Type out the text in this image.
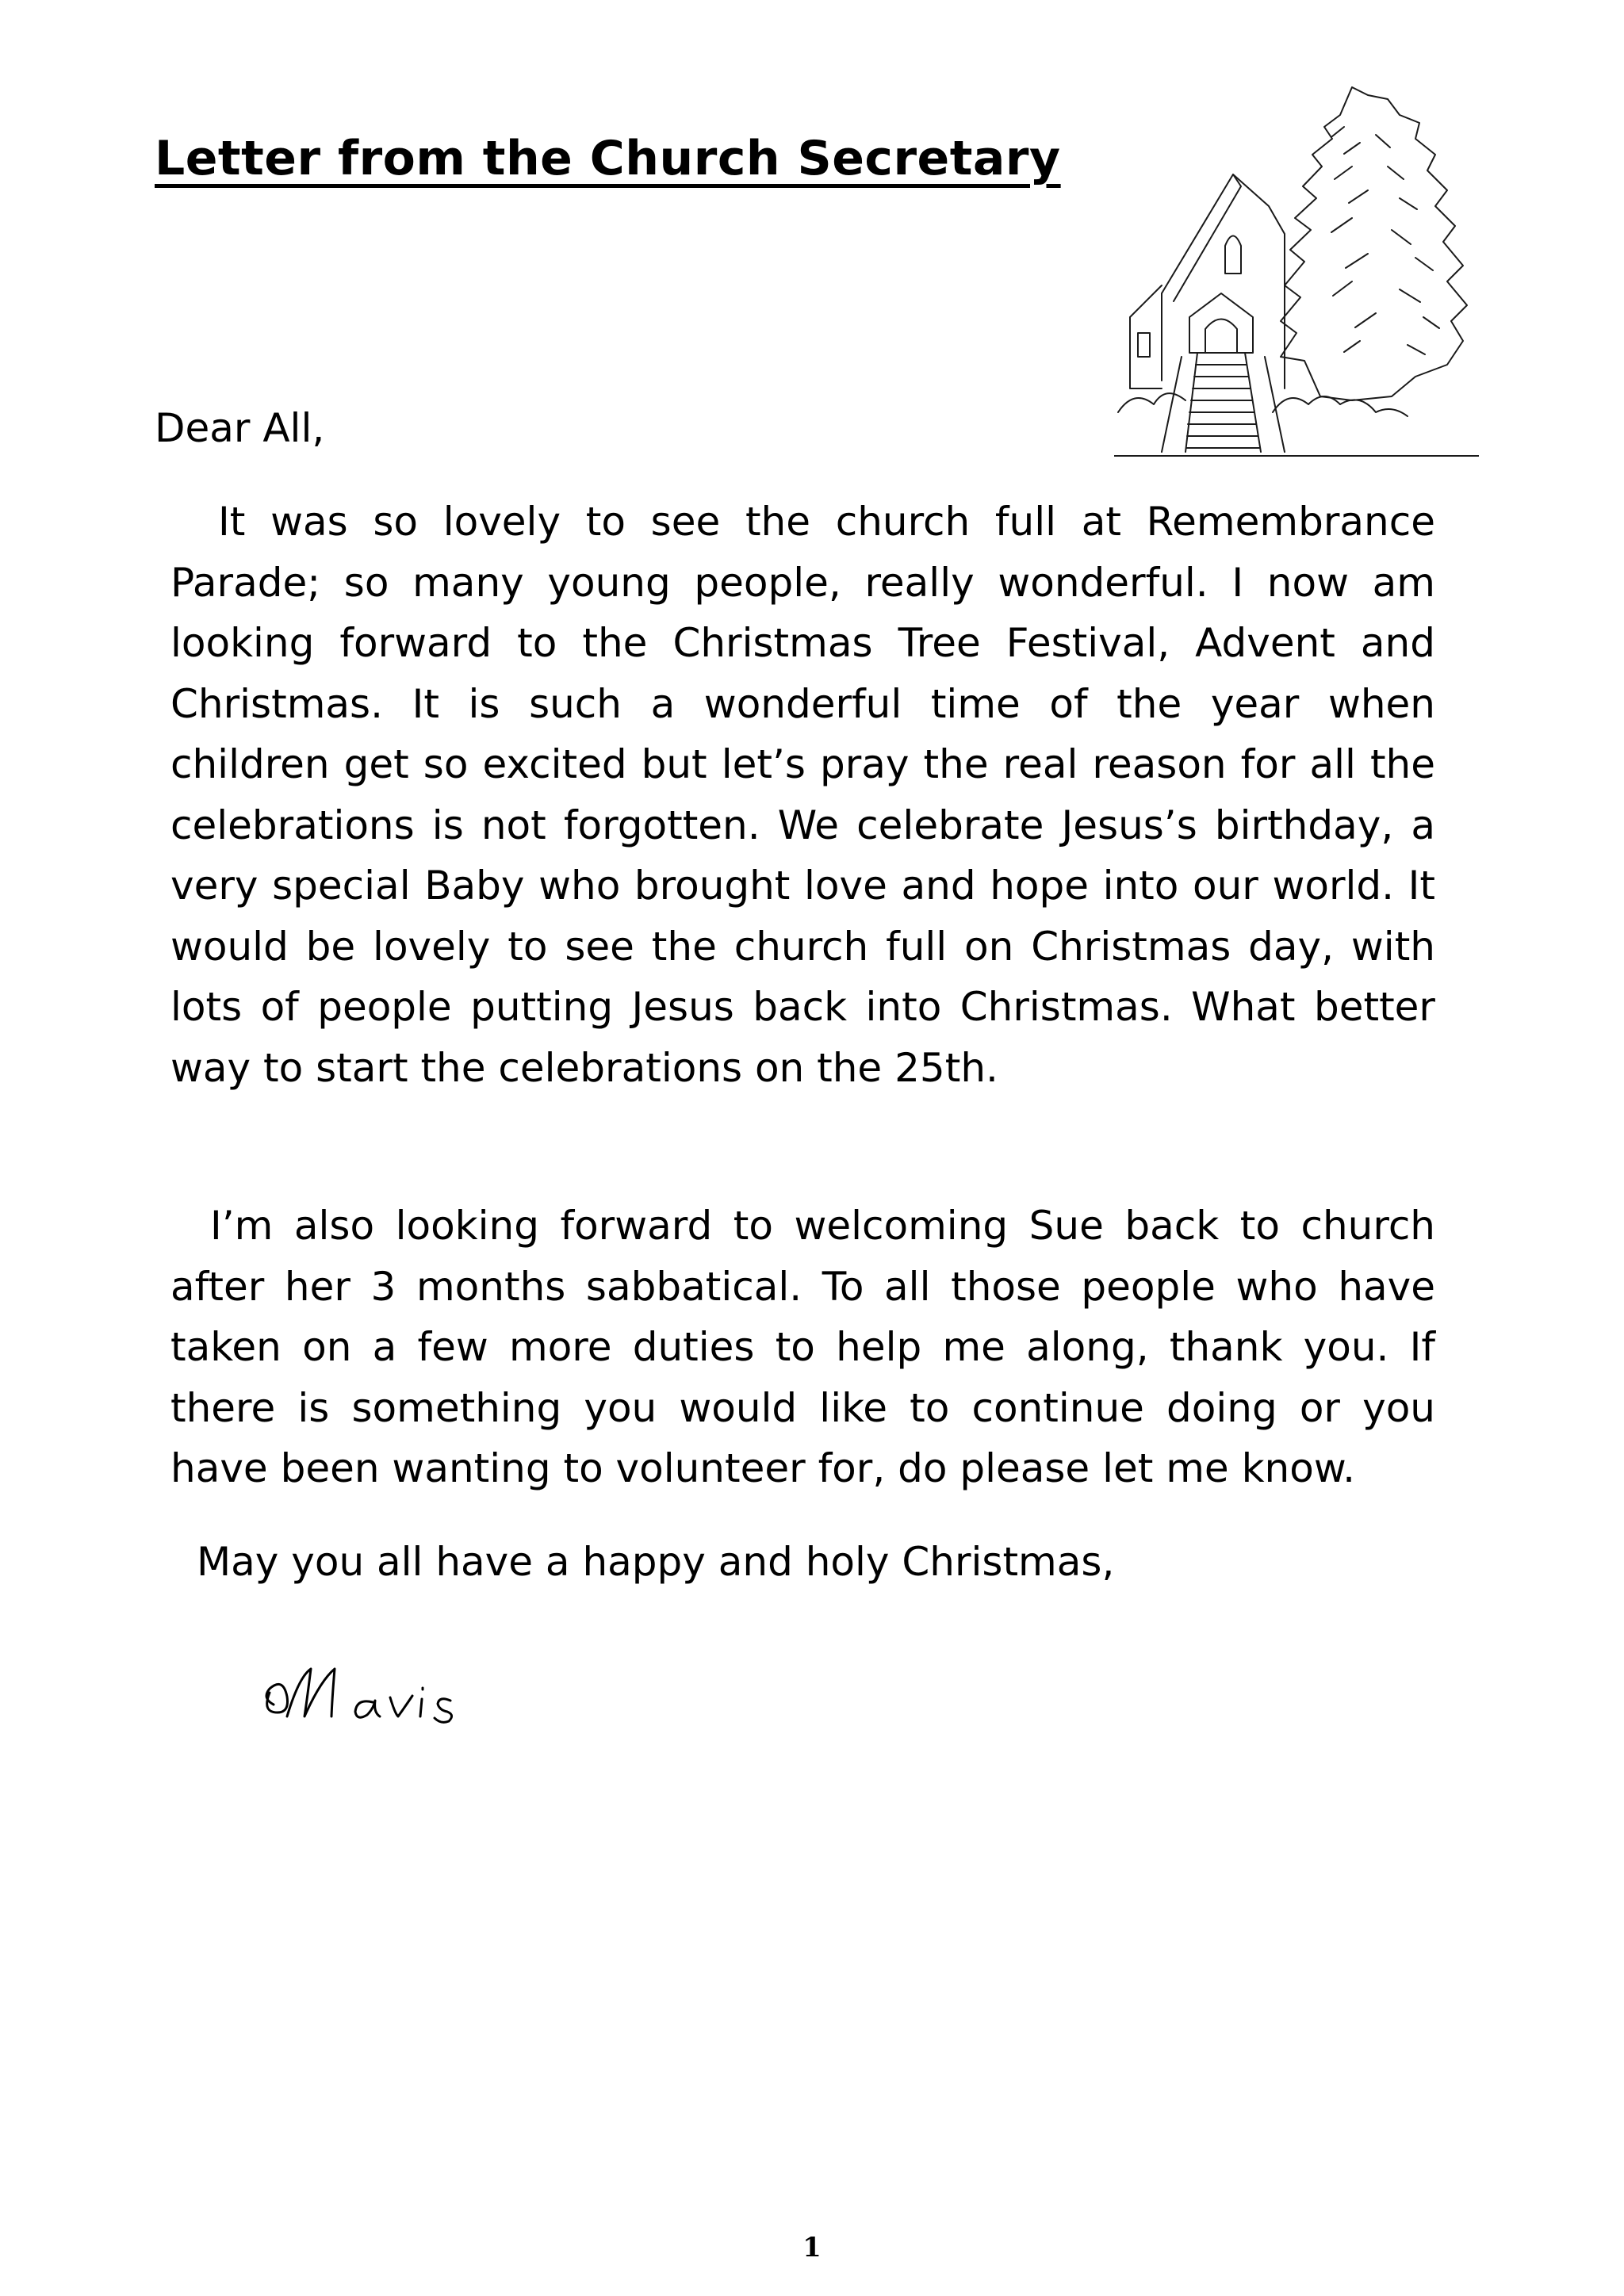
Letter from the Church Secretary
Dear All,

It was so lovely to see the church full at Remembrance Parade; so many young people, really wonderful. I now am looking forward to the Christmas Tree Festival, Advent and Christmas. It is such a wonderful time of the year when children get so excited but let’s pray the real reason for all the celebrations is not forgotten. We celebrate Jesus’s birthday, a very special Baby who brought love and hope into our world. It would be lovely to see the church full on Christmas day, with lots of people putting Jesus back into Christmas. What better way to start the celebrations on the 25th.

I’m also looking forward to welcoming Sue back to church after her 3 months sabbatical. To all those people who have taken on a few more duties to help me along, thank you. If there is something you would like to continue doing or you have been wanting to volunteer for, do please let me know.

May you all have a happy and holy Christmas,
1
